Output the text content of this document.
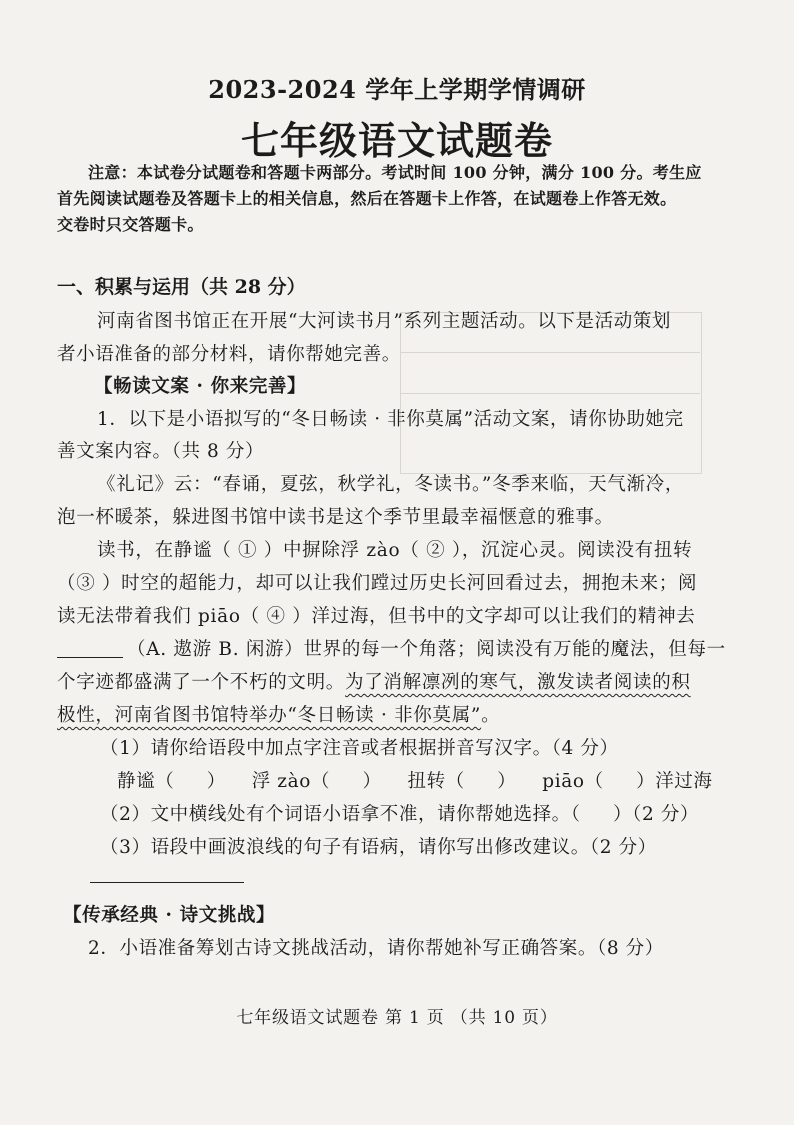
2023-2024 学年上学期学情调研
七年级语文试题卷
注意：本试卷分试题卷和答题卡两部分。考试时间 100 分钟，满分 100 分。考生应
首先阅读试题卷及答题卡上的相关信息，然后在答题卡上作答，在试题卷上作答无效。
交卷时只交答题卡。
一、积累与运用（共 28 分）
河南省图书馆正在开展“大河读书月”系列主题活动。以下是活动策划
者小语准备的部分材料，请你帮她完善。
【畅读文案 · 你来完善】
1．以下是小语拟写的“冬日畅读 · 非你莫属”活动文案，请你协助她完
善文案内容。（共 8 分）
《礼记》云：“春诵，夏弦，秋学礼，冬读书。”冬季来临，天气渐冷，
泡一杯暖茶，躲进图书馆中读书是这个季节里最幸福惬意的雅事。
读书，在静谧（ ① ）中摒除浮 zào（ ② ），沉淀心灵。阅读没有扭转
（③ ）时空的超能力，却可以让我们蹚过历史长河回看过去，拥抱未来；阅
读无法带着我们 piāo（ ④ ）洋过海，但书中的文字却可以让我们的精神去
（A. 遨游 B. 闲游）世界的每一个角落；阅读没有万能的魔法，但每一
个字迹都盛满了一个不朽的文明。为了消解凛冽的寒气，激发读者阅读的积
极性，河南省图书馆特举办“冬日畅读 · 非你莫属”。
（1）请你给语段中加点字注音或者根据拼音写汉字。（4 分）
静谧（     ）    浮 zào（     ）    扭转（     ）    piāo（     ）洋过海
（2）文中横线处有个词语小语拿不准，请你帮她选择。（     ）（2 分）
（3）语段中画波浪线的句子有语病，请你写出修改建议。（2 分）
【传承经典 · 诗文挑战】
2．小语准备筹划古诗文挑战活动，请你帮她补写正确答案。（8 分）
七年级语文试题卷 第 1 页 （共 10 页）
